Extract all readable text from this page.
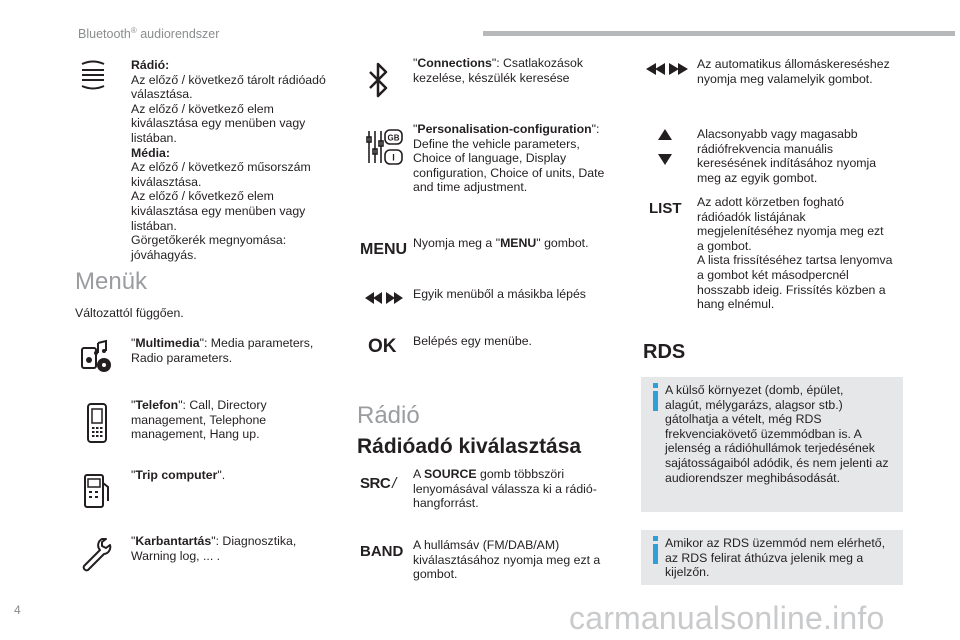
Bluetooth® audiorendszer
Rádió:
Az előző / következő tárolt rádióadó
választása.
Az előző / következő elem
kiválasztása egy menüben vagy
listában.
Média:
Az előző / következő műsorszám
kiválasztása.
Az előző / kővetkező elem
kiválasztása egy menüben vagy
listában.
Görgetőkerék megnyomása:
jóváhagyás.
Menük
Változattól függően.
"Multimedia": Media parameters,
Radio parameters.
"Telefon": Call, Directory
management, Telephone
management, Hang up.
"Trip computer".
"Karbantartás": Diagnosztika,
Warning log, ... .
"Connections": Csatlakozások
kezelése, készülék keresése
GB
I
"Personalisation-configuration":
Define the vehicle parameters,
Choice of language, Display
configuration, Choice of units, Date
and time adjustment.
MENU Nyomja meg a "MENU" gombot.
Egyik menüből a másikba lépés
OK Belépés egy menübe.
Rádió
Rádióadó kiválasztása
SRC /
A SOURCE gomb többszöri
lenyomásával válassza ki a rádió-
hangforrást.
BAND A hullámsáv (FM/DAB/AM)
kiválasztásához nyomja meg ezt a
gombot.
Az automatikus állomáskereséshez
nyomja meg valamelyik gombot.
Alacsonyabb vagy magasabb
rádiófrekvencia manuális
keresésének indításához nyomja
meg az egyik gombot.
LIST Az adott körzetben fogható
rádióadók listájának
megjelenítéséhez nyomja meg ezt
a gombot.
A lista frissítéséhez tartsa lenyomva
a gombot két másodpercnél
hosszabb ideig. Frissítés közben a
hang elnémul.
RDS
A külső környezet (domb, épület,
alagút, mélygarázs, alagsor stb.)
gátolhatja a vételt, még RDS
frekvenciakövető üzemmódban is. A
jelenség a rádióhullámok terjedésének
sajátosságaiból adódik, és nem jelenti az
audiorendszer meghibásodását.
Amikor az RDS üzemmód nem elérhető,
az RDS felirat áthúzva jelenik meg a
kijelzőn.
4	carmanualsonline.info
